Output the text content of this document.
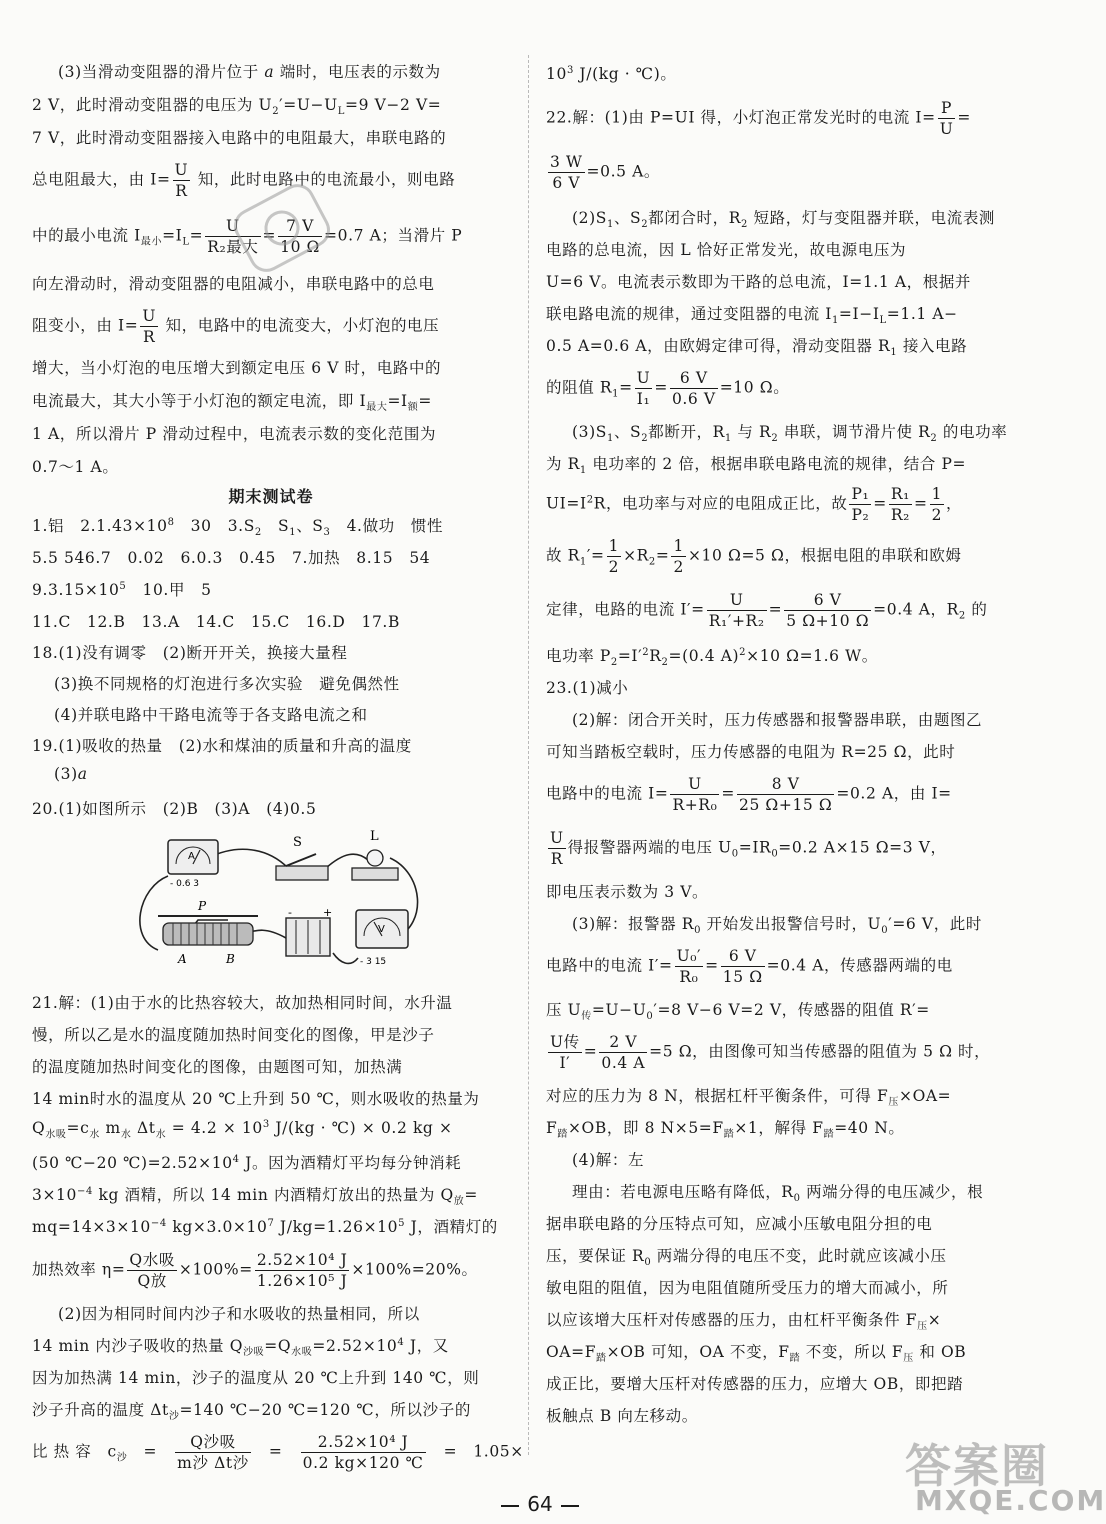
(3)当滑动变阻器的滑片位于 a 端时，电压表的示数为
2 V，此时滑动变阻器的电压为 $U_2'=U-U_L=9$ V−2 V=
7 V，此时滑动变阻器接入电路中的电阻最大，串联电路的
总电阻最大，由 $I= \frac{U}{R}$ 知，此时电路中的电流最小，则电路
中的最小电流 $I_{最小}=I_L= \frac{U}{\text{R₂最大}} = \frac{7 V}{10 \Omega} =0.7$ A；当滑片 P
向左滑动时，滑动变阻器的电阻减小，串联电路中的总电
阻变小，由 $I= \frac{U}{R}$ 知，电路中的电流变大，小灯泡的电压
增大，当小灯泡的电压增大到额定电压 6 V 时，电路中的
电流最大，其大小等于小灯泡的额定电流，即 $I_{最大}=I_额=$
1 A，所以滑片 P 滑动过程中，电流表示数的变化范围为
0.7～1 A。
期末测试卷
1.铝　$2.1.43\times 10^8$　30　$3.S_2$　$S_1$、$S_3$　4.做功　惯性
5.5 546.7　0.02　6.0.3　0.45　7.加热　8.15　54
$9.3.15\times 10^5$　10.甲　5
11.C　12.B　13.A　14.C　15.C　16.D　17.B
18.(1)没有调零　(2)断开开关，换接大量程
(3)换不同规格的灯泡进行多次实验　避免偶然性
(4)并联电路中干路电流等于各支路电流之和
19.(1)吸收的热量　(2)水和煤油的质量和升高的温度
(3)a
20.(1)如图所示　(2)B　(3)A　(4)0.5
21.解：(1)由于水的比热容较大，故加热相同时间，水升温
慢，所以乙是水的温度随加热时间变化的图像，甲是沙子
的温度随加热时间变化的图像，由题图可知，加热满
14 min时水的温度从 20 ℃上升到 50 ℃，则水吸收的热量为
$Q_{水吸}=c_水$ $m_水$ $\Delta t_水 = 4.2 \times 10^3$ J/(kg · ℃) × 0.2 kg ×
(50 ℃−20 $℃)=2.52\times 10^4$ J。因为酒精灯平均每分钟消耗
$3\times 10^{-4}$ kg 酒精，所以 14 min 内酒精灯放出的热量为 $Q_放=$
$mq=14\times 3\times 10^{-4}$ $kg\times 3.0\times 10^7$ $J/kg=1.26\times 10^5$ J，酒精灯的
加热效率 $\eta= \frac{\text{Q水吸}}{\text{Q放}} \times 100\%= \frac{\text{2.52×10⁴ J}}{\text{1.26×10⁵ J}} \times 100\%=20\%$。
(2)因为相同时间内沙子和水吸收的热量相同，所以
14 min 内沙子吸收的热量 $Q_{沙吸}=Q_{水吸}=2.52\times 10^4$ J，又
因为加热满 14 min，沙子的温度从 20 ℃上升到 140 ℃，则
沙子升高的温度 $\Delta t_沙=140$ ℃−20 ℃=120 ℃，所以沙子的
比 热 容　$c_沙$　=　 $\frac{\text{Q沙吸}}{\text{m沙 Δt沙}}$ 　=　 $\frac{\text{2.52×10⁴ J}}{0.2 kg\times 120 ℃}$ 　=　1.05×
A
- 0.6 3
S	L
P
A	B
+
-
V
- 3 15
$10^3$ J/(kg · ℃)。
22.解：(1)由 P=UI 得，小灯泡正常发光时的电流 $I= \frac{P}{U}$ =
$\frac{3 W}{6 V} =0.5$ A。
$(2)S_1$、$S_2$都闭合时，$R_2$ 短路，灯与变阻器并联，电流表测
电路的总电流，因 L 恰好正常发光，故电源电压为
U=6 V。电流表示数即为干路的总电流，I=1.1 A，根据并
联电路电流的规律，通过变阻器的电流 $I_1=I-I_L=1.1$ A−
0.5 A=0.6 A，由欧姆定律可得，滑动变阻器 $R_1$ 接入电路
的阻值 $R_1= \frac{U}{\text{I₁}} = \frac{6 V}{0.6 V} =10$ Ω。
$(3)S_1$、$S_2$都断开，$R_1$ 与 $R_2$ 串联，调节滑片使 $R_2$ 的电功率
为 $R_1$ 电功率的 2 倍，根据串联电路电流的规律，结合 P=
$UI=I^2R$，电功率与对应的电阻成正比，故 $\frac{\text{P₁}}{\text{P₂}} = \frac{\text{R₁}}{\text{R₂}} = \frac{1}{2}$ ，
故 $R_1'= \frac{1}{2} \times R_2= \frac{1}{2} \times 10$ Ω=5 Ω，根据电阻的串联和欧姆
定律，电路的电流 $I'= \frac{U}{\text{R₁′+R₂}} = \frac{6 V}{5 \Omega+10 \Omega} =0.4$ A，$R_2$ 的
电功率 $P_2=I'^2R_2=(0.4$ A)$^2$×10 Ω=1.6 W。
23.(1)减小
(2)解：闭合开关时，压力传感器和报警器串联，由题图乙
可知当踏板空载时，压力传感器的电阻为 R=25 Ω，此时
电路中的电流 $I= \frac{U}{\text{R+R₀}} = \frac{8 V}{25 \Omega+15 \Omega} =0.2$ A，由 I=
$\frac{U}{R}$ 得报警器两端的电压 $U_0=IR_0=0.2$ A×15 Ω=3 V，
即电压表示数为 3 V。
(3)解：报警器 $R_0$ 开始发出报警信号时，$U_0'=6$ V，此时
电路中的电流 $I'= \frac{\text{U₀′}}{\text{R₀}} = \frac{6 V}{15 \Omega} =0.4$ A，传感器两端的电
压 $U_传=U-U_0'=8$ V−6 V=2 V，传感器的阻值 R′=
$\frac{\text{U传}}{I'} = \frac{2 V}{0.4 A} =5$ Ω，由图像可知当传感器的阻值为 5 Ω 时，
对应的压力为 8 N，根据杠杆平衡条件，可得 $F_压\times OA=$
$F_踏\times OB$，即 8 $N\times 5=F_踏\times 1$，解得 $F_踏=40$ N。
(4)解：左
理由：若电源电压略有降低，$R_0$ 两端分得的电压减少，根
据串联电路的分压特点可知，应减小压敏电阻分担的电
压，要保证 $R_0$ 两端分得的电压不变，此时就应该减小压
敏电阻的阻值，因为电阻值随所受压力的增大而减小，所
以应该增大压杆对传感器的压力，由杠杆平衡条件 $F_压\times$
$OA=F_踏\times OB$ 可知，OA 不变，$F_踏$ 不变，所以 $F_压$ 和 OB
成正比，要增大压杆对传感器的压力，应增大 OB，即把踏
板触点 B 向左移动。
64
答案圈
MXQE.COM
